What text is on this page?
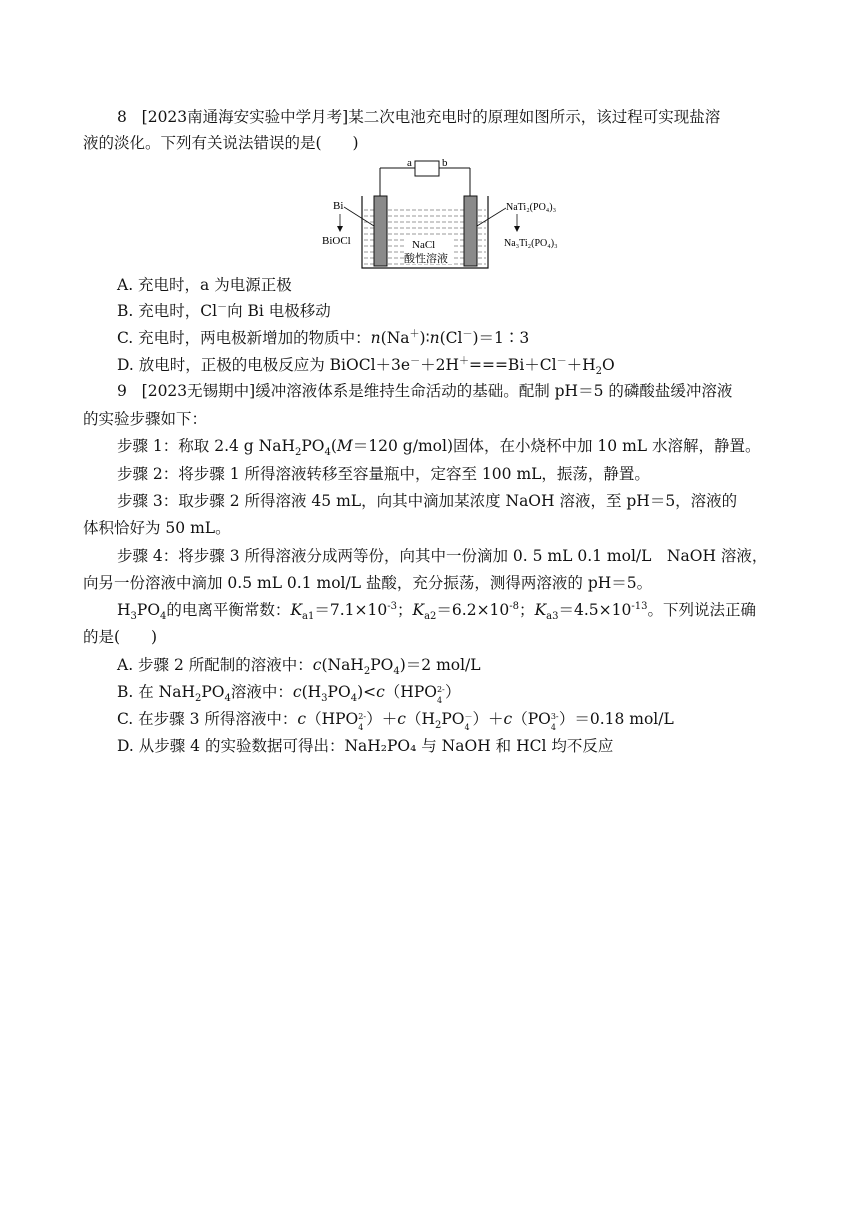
8 [2023南通海安实验中学月考]某二次电池充电时的原理如图所示，该过程可实现盐溶
液的淡化。下列有关说法错误的是(　　)
a	b
NaCl
酸性溶液
Bi
BiOCl
NaTi₂(PO₄)₃
Na₃Ti₂(PO₄)₃
A. 充电时，a 为电源正极
B. 充电时，Cl－向 Bi 电极移动
C. 充电时，两电极新增加的物质中：n(Na＋)∶n(Cl－)＝1∶3
D. 放电时，正极的电极反应为 $BiOCl+3e^-+2H^+===Bi+Cl^-+H_2O$
9 [2023无锡期中]缓冲溶液体系是维持生命活动的基础。配制 pH＝5 的磷酸盐缓冲溶液
的实验步骤如下：
步骤 1：称取 2.4 g $NaH_2PO_4(M=120$ g/mol)固体，在小烧杯中加 10 mL 水溶解，静置。
步骤 2：将步骤 1 所得溶液转移至容量瓶中，定容至 100 mL，振荡，静置。
步骤 3：取步骤 2 所得溶液 45 mL，向其中滴加某浓度 NaOH 溶液，至 pH＝5，溶液的
体积恰好为 50 mL。
步骤 4：将步骤 3 所得溶液分成两等份，向其中一份滴加 0. 5 mL 0.1 mol/L　NaOH 溶液，
向另一份溶液中滴加 0.5 mL 0.1 mol/L 盐酸，充分振荡，测得两溶液的 pH＝5。
$H_3PO_4$的电离平衡常数：$K_{a1}=7.1\times 10^{-3}$；$K_{a2}=6.2\times 10^{-8}$；$K_{a3}=4.5\times 10^{-13}$。下列说法正确
的是(　　)
A. 步骤 2 所配制的溶液中：$c(NaH_2PO_4)=2$ mol/L
B. 在 $NaH_2PO_4$溶液中：$c(H_3PO_4)<c(HPO$ 2-
4 ）
C. 在步骤 3 所得溶液中：c（HPO 2-
4 ）$+c(H_2PO$ －
4 ）＋c（PO 3-
4 ）＝0.18 mol/L
D. 从步骤 4 的实验数据可得出：NaH₂PO₄ 与 NaOH 和 HCl 均不反应
